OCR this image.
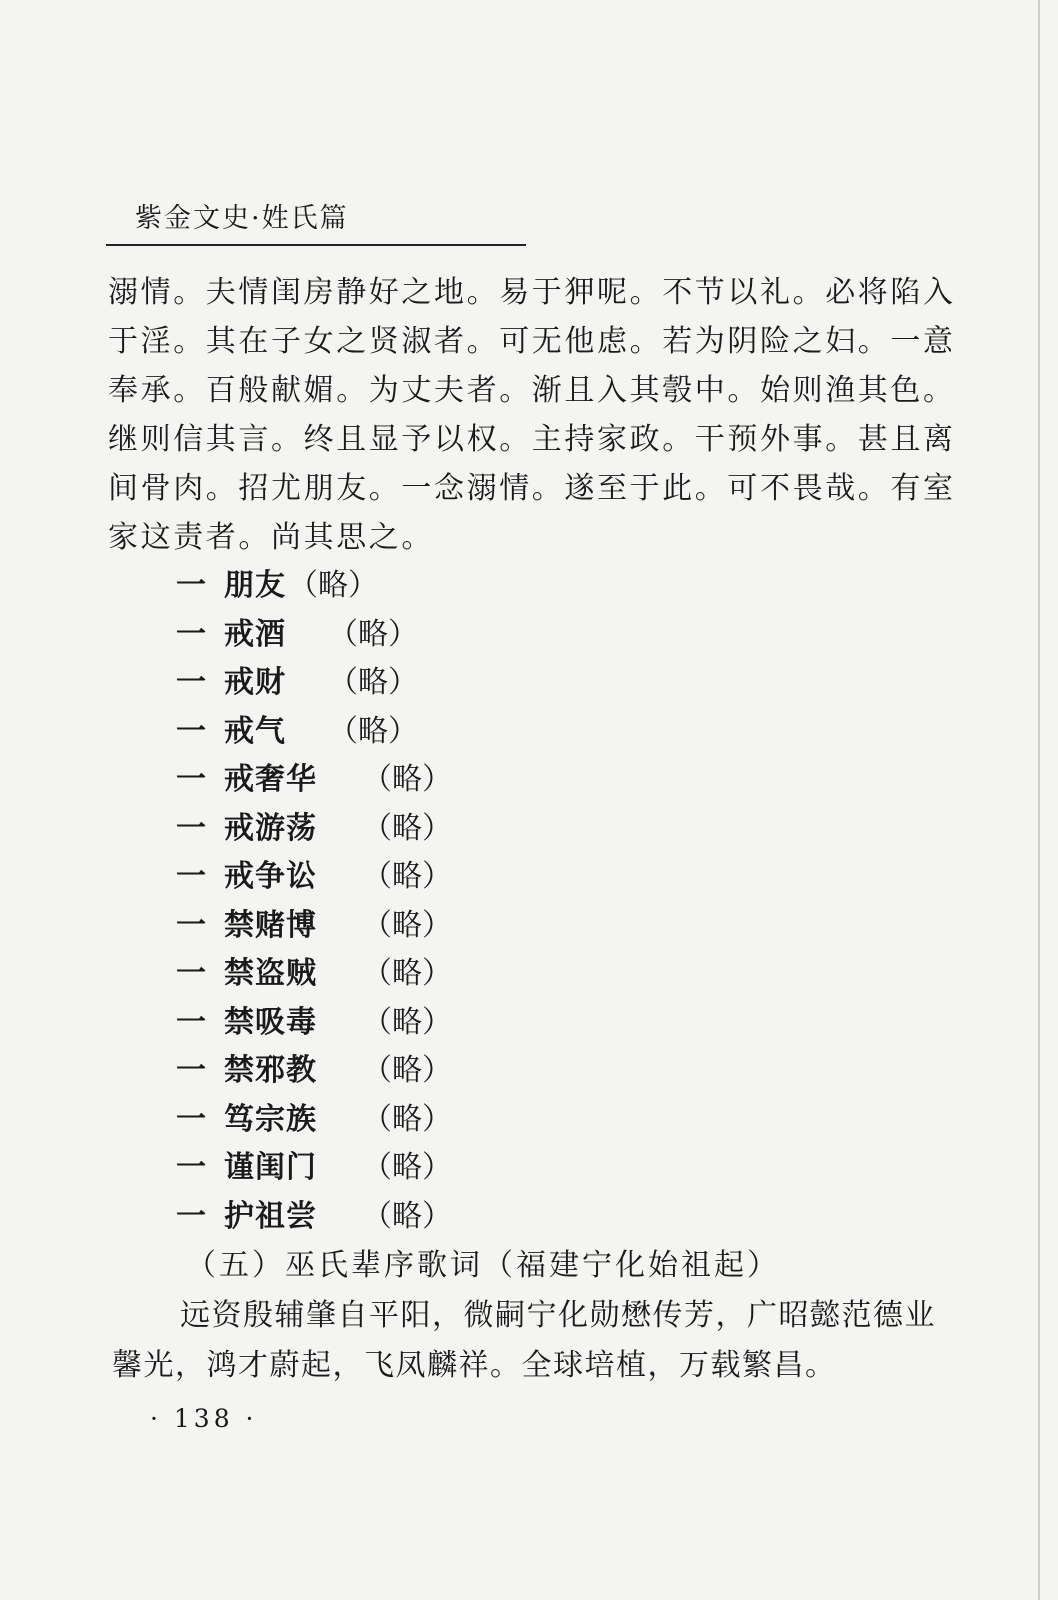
紫金文史·姓氏篇

溺情。夫情闺房静好之地。易于狎呢。不节以礼。必将陷入

于淫。其在子女之贤淑者。可无他虑。若为阴险之妇。一意

奉承。百般献媚。为丈夫者。渐且入其彀中。始则渔其色。

继则信其言。终且显予以权。主持家政。干预外事。甚且离

间骨肉。招尤朋友。一念溺情。遂至于此。可不畏哉。有室

家这责者。尚其思之。

一 朋友 （略）
一 戒酒 （略）
一 戒财 （略）
一 戒气 （略）
一 戒奢华 （略）
一 戒游荡 （略）
一 戒争讼 （略）
一 禁赌博 （略）
一 禁盗贼 （略）
一 禁吸毒 （略）
一 禁邪教 （略）
一 笃宗族 （略）
一 谨闺门 （略）
一 护祖尝 （略）
（五）巫氏辈序歌词（福建宁化始祖起）

远资殷辅肇自平阳，微嗣宁化勋懋传芳，广昭懿范德业

馨光，鸿才蔚起，飞凤麟祥。全球培植，万载繁昌。

· 138 ·
